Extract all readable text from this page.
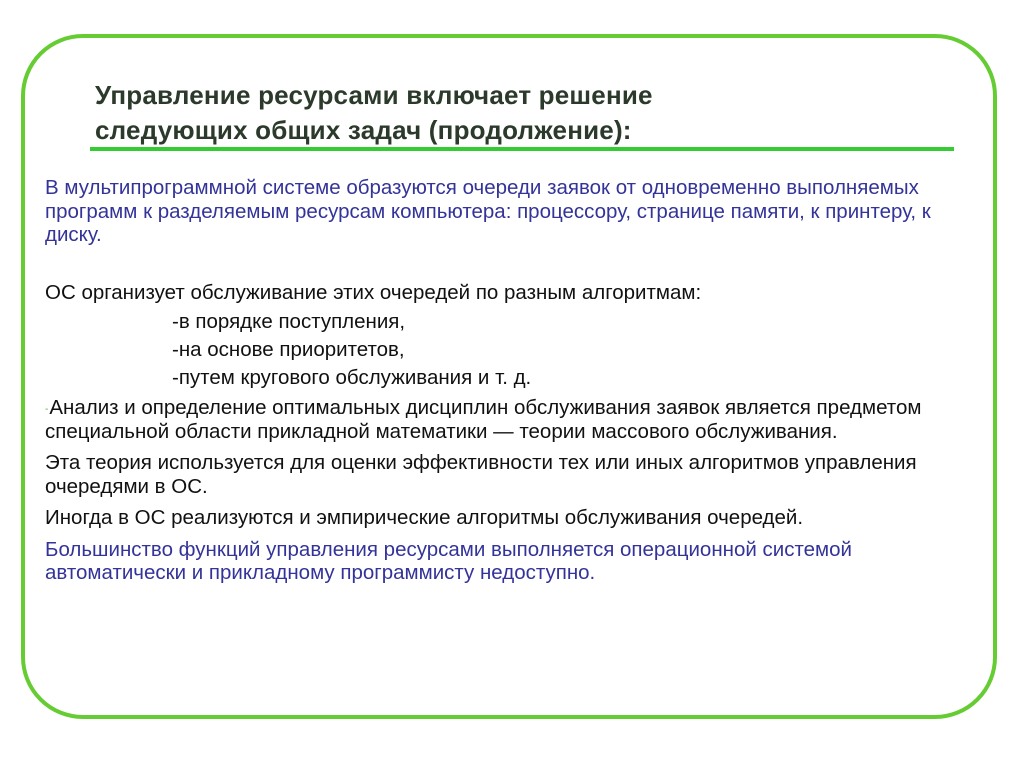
Управление ресурсами включает решение
следующих общих задач (продолжение):

В мультипрограммной системе образуются очереди заявок от одновременно выполняемых программ к разделяемым ресурсам компьютера: процессору, странице памяти, к принтеру, к диску.

ОС организует обслуживание этих очередей по разным алгоритмам:

-в порядке поступления,

-на основе приоритетов,

-путем кругового обслуживания и т. д.

-Анализ и определение оптимальных дисциплин обслуживания заявок является предметом специальной области прикладной математики — теории массового обслуживания.

Эта теория используется для оценки эффективности тех или иных алгоритмов управления очередями в ОС.

Иногда в ОС реализуются и эмпирические алгоритмы обслуживания очередей.

Большинство функций управления ресурсами выполняется операционной системой автоматически и прикладному программисту недоступно.
